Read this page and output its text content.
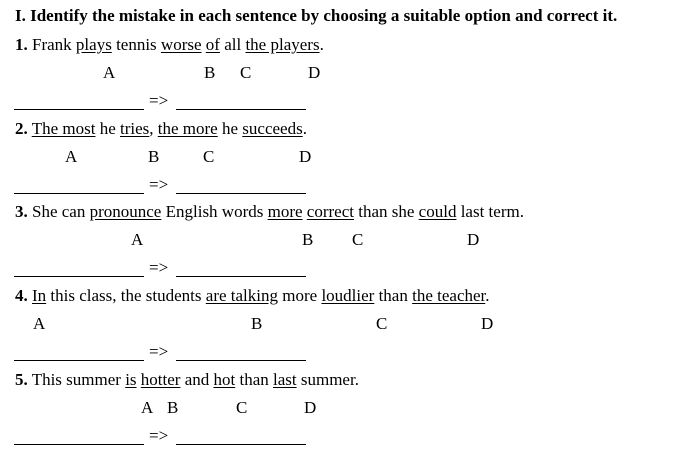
I. Identify the mistake in each sentence by choosing a suitable option and correct it.
1. Frank plays tennis worse of all the players.
A	B C	D
=>
2. The most he tries, the more he succeeds.
A	B	C	D
=>
3. She can pronounce English words more correct than she could last term.
A	B C	D
=>
4. In this class, the students are talking more loudlier than the teacher.
A	B	C	D
=>
5. This summer is hotter and hot than last summer.
A B	C	D
=>
